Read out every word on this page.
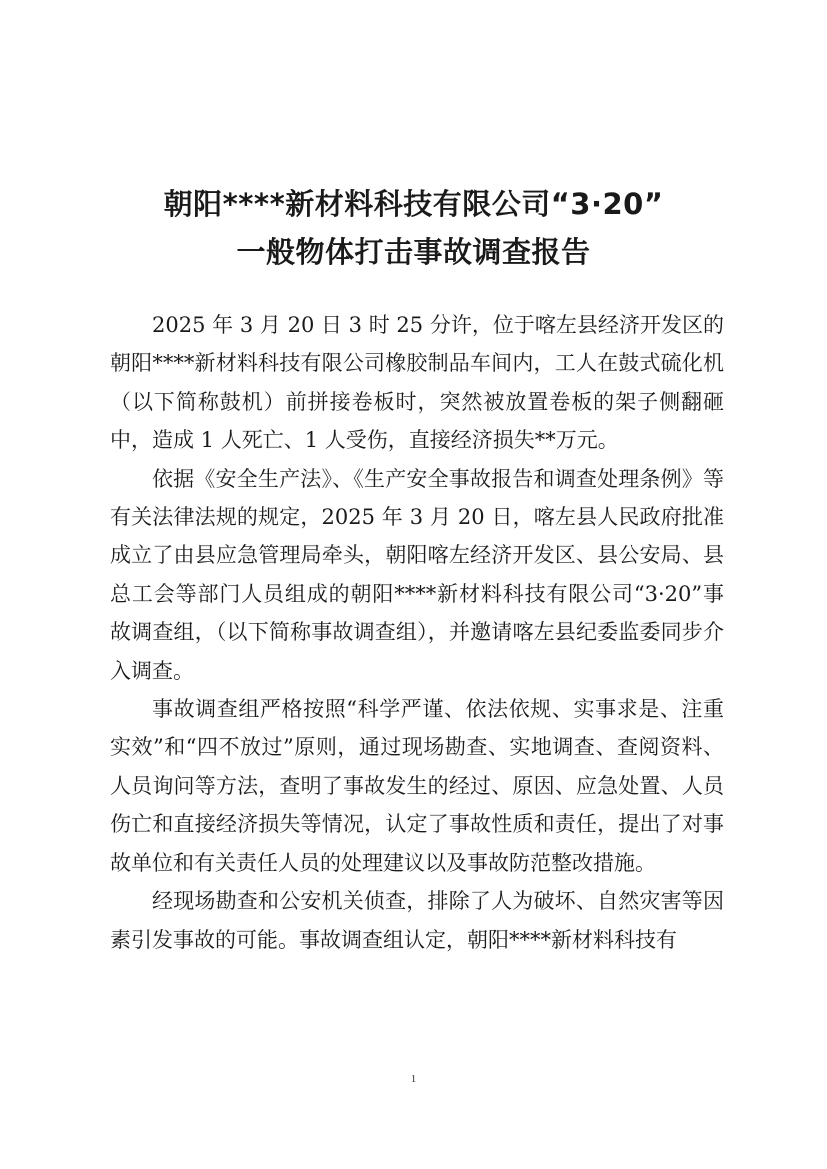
朝阳****新材料科技有限公司“3·20”
一般物体打击事故调查报告

2025 年 3 月 20 日 3 时 25 分许，位于喀左县经济开发区的朝阳****新材料科技有限公司橡胶制品车间内，工人在鼓式硫化机（以下简称鼓机）前拼接卷板时，突然被放置卷板的架子侧翻砸中，造成 1 人死亡、1 人受伤，直接经济损失**万元。

依据《安全生产法》、《生产安全事故报告和调查处理条例》等有关法律法规的规定，2025 年 3 月 20 日，喀左县人民政府批准成立了由县应急管理局牵头，朝阳喀左经济开发区、县公安局、县总工会等部门人员组成的朝阳****新材料科技有限公司“3·20”事故调查组，（以下简称事故调查组），并邀请喀左县纪委监委同步介入调查。

事故调查组严格按照“科学严谨、依法依规、实事求是、注重实效”和“四不放过”原则，通过现场勘查、实地调查、查阅资料、人员询问等方法，查明了事故发生的经过、原因、应急处置、人员伤亡和直接经济损失等情况，认定了事故性质和责任，提出了对事故单位和有关责任人员的处理建议以及事故防范整改措施。

经现场勘查和公安机关侦查，排除了人为破坏、自然灾害等因素引发事故的可能。事故调查组认定，朝阳****新材料科技有

1
